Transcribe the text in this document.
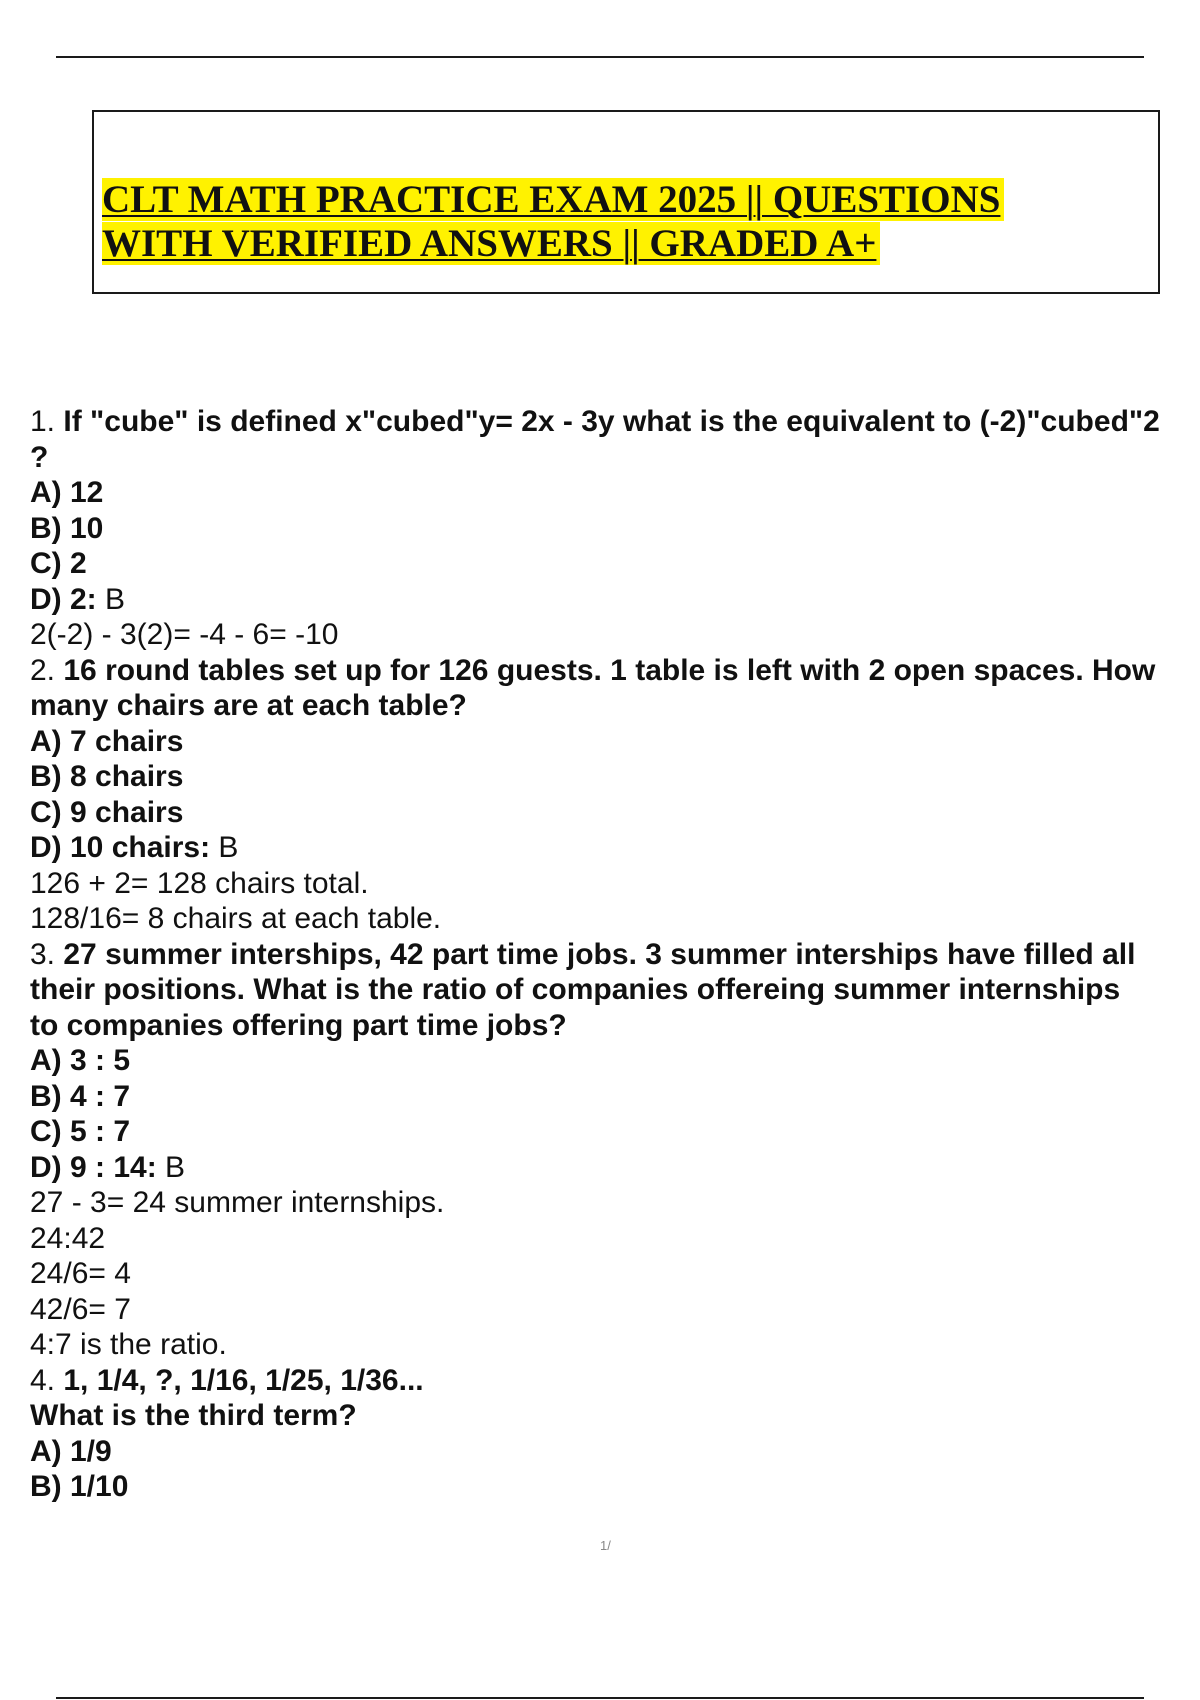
CLT MATH PRACTICE EXAM 2025 || QUESTIONS
WITH VERIFIED ANSWERS || GRADED A+

1. If "cube" is defined x"cubed"y= 2x - 3y what is the equivalent to (-2)"cubed"2
?
A) 12
B) 10
C) 2
D) 2: B
2(-2) - 3(2)= -4 - 6= -10
2. 16 round tables set up for 126 guests. 1 table is left with 2 open spaces. How
many chairs are at each table?
A) 7 chairs
B) 8 chairs
C) 9 chairs
D) 10 chairs: B
126 + 2= 128 chairs total.
128/16= 8 chairs at each table.
3. 27 summer interships, 42 part time jobs. 3 summer interships have filled all
their positions. What is the ratio of companies offereing summer internships
to companies offering part time jobs?
A) 3 : 5
B) 4 : 7
C) 5 : 7
D) 9 : 14: B
27 - 3= 24 summer internships.
24:42
24/6= 4
42/6= 7
4:7 is the ratio.
4. 1, 1/4, ?, 1/16, 1/25, 1/36...
What is the third term?
A) 1/9
B) 1/10
1/
